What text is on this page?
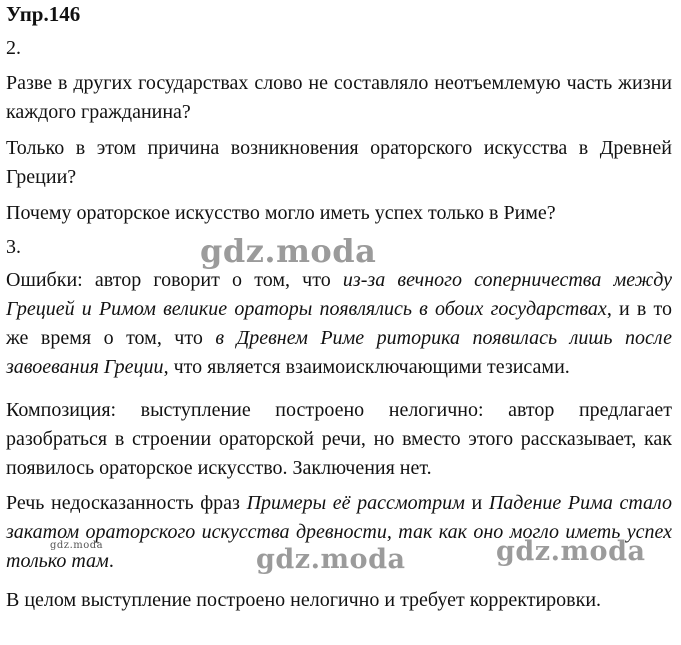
Упр.146
2.
Разве в других государствах слово не составляло неотъемлемую часть жизни каждого гражданина?
Только в этом причина возникновения ораторского искусства в Древней Греции?
Почему ораторское искусство могло иметь успех только в Риме?
3.
Ошибки: автор говорит о том, что из-за вечного соперничества между Грецией и Римом великие ораторы появлялись в обоих государствах, и в то же время о том, что в Древнем Риме риторика появилась лишь после завоевания Греции, что является взаимоисключающими тезисами.
Композиция: выступление построено нелогично: автор предлагает разобраться в строении ораторской речи, но вместо этого рассказывает, как появилось ораторское искусство. Заключения нет.
Речь недосказанность фраз Примеры её рассмотрим и Падение Рима стало закатом ораторского искусства древности, так как оно могло иметь успех только там.
В целом выступление построено нелогично и требует корректировки.
gdz.moda
gdz.moda	gdz.moda	gdz.moda
